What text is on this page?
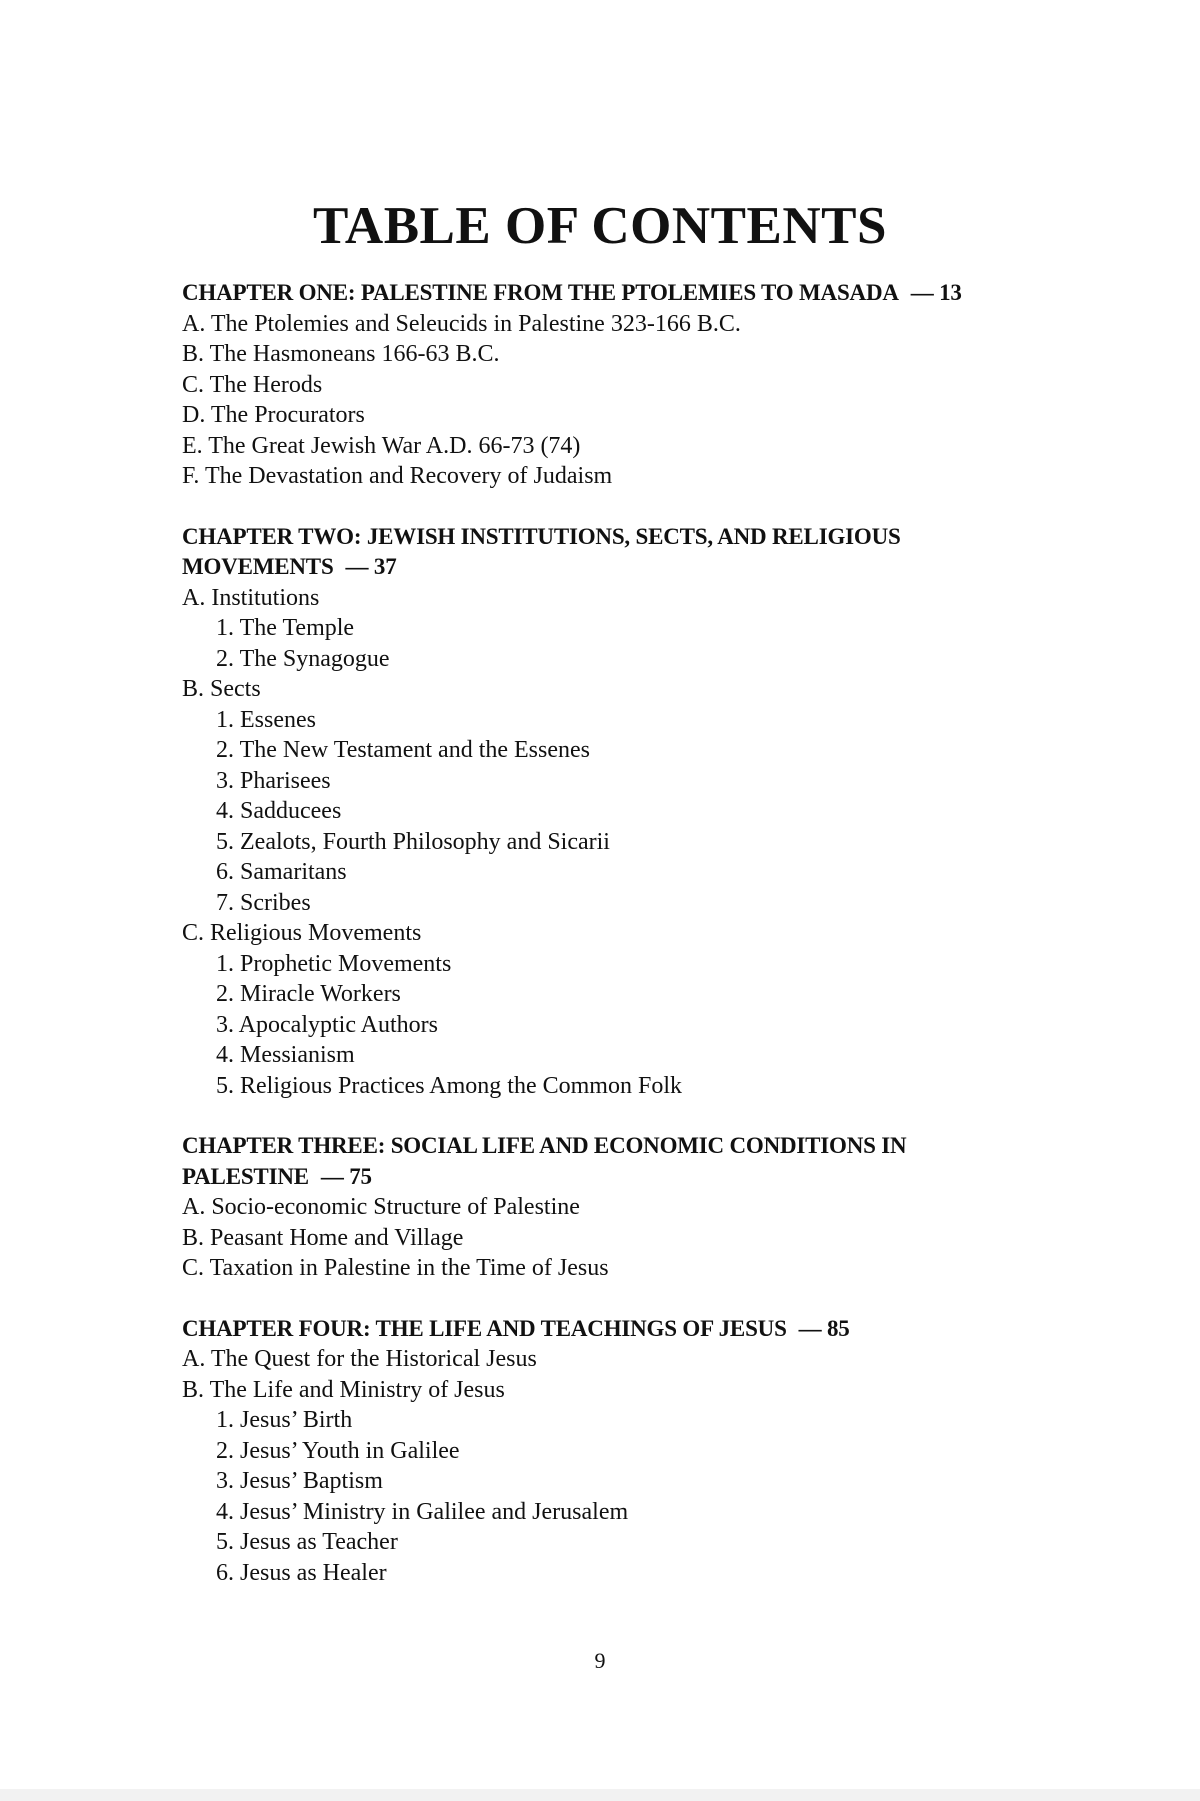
TABLE OF CONTENTS
CHAPTER ONE: PALESTINE FROM THE PTOLEMIES TO MASADA — 13
A. The Ptolemies and Seleucids in Palestine 323-166 B.C.
B. The Hasmoneans 166-63 B.C.
C. The Herods
D. The Procurators
E. The Great Jewish War A.D. 66-73 (74)
F. The Devastation and Recovery of Judaism
CHAPTER TWO: JEWISH INSTITUTIONS, SECTS, AND RELIGIOUS
MOVEMENTS — 37
A. Institutions
1. The Temple
2. The Synagogue
B. Sects
1. Essenes
2. The New Testament and the Essenes
3. Pharisees
4. Sadducees
5. Zealots, Fourth Philosophy and Sicarii
6. Samaritans
7. Scribes
C. Religious Movements
1. Prophetic Movements
2. Miracle Workers
3. Apocalyptic Authors
4. Messianism
5. Religious Practices Among the Common Folk
CHAPTER THREE: SOCIAL LIFE AND ECONOMIC CONDITIONS IN
PALESTINE — 75
A. Socio-economic Structure of Palestine
B. Peasant Home and Village
C. Taxation in Palestine in the Time of Jesus
CHAPTER FOUR: THE LIFE AND TEACHINGS OF JESUS — 85
A. The Quest for the Historical Jesus
B. The Life and Ministry of Jesus
1. Jesus’ Birth
2. Jesus’ Youth in Galilee
3. Jesus’ Baptism
4. Jesus’ Ministry in Galilee and Jerusalem
5. Jesus as Teacher
6. Jesus as Healer
9
